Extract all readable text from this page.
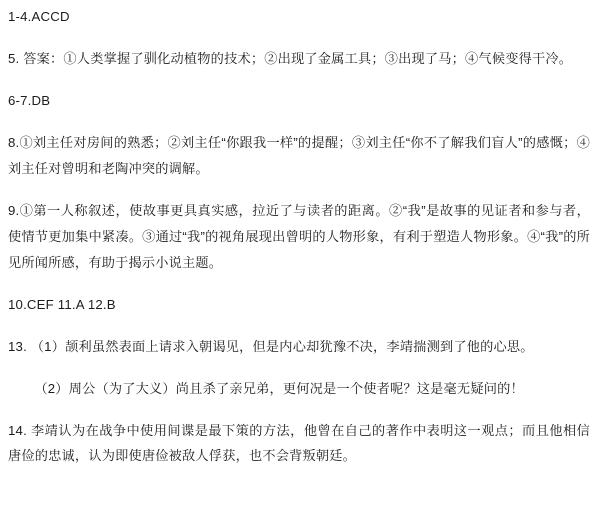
1-4.ACCD

5. 答案：①人类掌握了驯化动植物的技术；②出现了金属工具；③出现了马；④气候变得干冷。

6-7.DB

8.①刘主任对房间的熟悉；②刘主任“你跟我一样”的提醒；③刘主任“你不了解我们盲人”的感慨；④刘主任对曾明和老陶冲突的调解。

9.①第一人称叙述，使故事更具真实感，拉近了与读者的距离。②“我”是故事的见证者和参与者，使情节更加集中紧凑。③通过“我”的视角展现出曾明的人物形象，有利于塑造人物形象。④“我”的所见所闻所感，有助于揭示小说主题。

10.CEF 11.A 12.B

13. （1）颉利虽然表面上请求入朝谒见，但是内心却犹豫不决，李靖揣测到了他的心思。

（2）周公（为了大义）尚且杀了亲兄弟，更何况是一个使者呢？这是毫无疑问的！

14. 李靖认为在战争中使用间谍是最下策的方法，他曾在自己的著作中表明这一观点；而且他相信唐俭的忠诚，认为即使唐俭被敌人俘获，也不会背叛朝廷。
